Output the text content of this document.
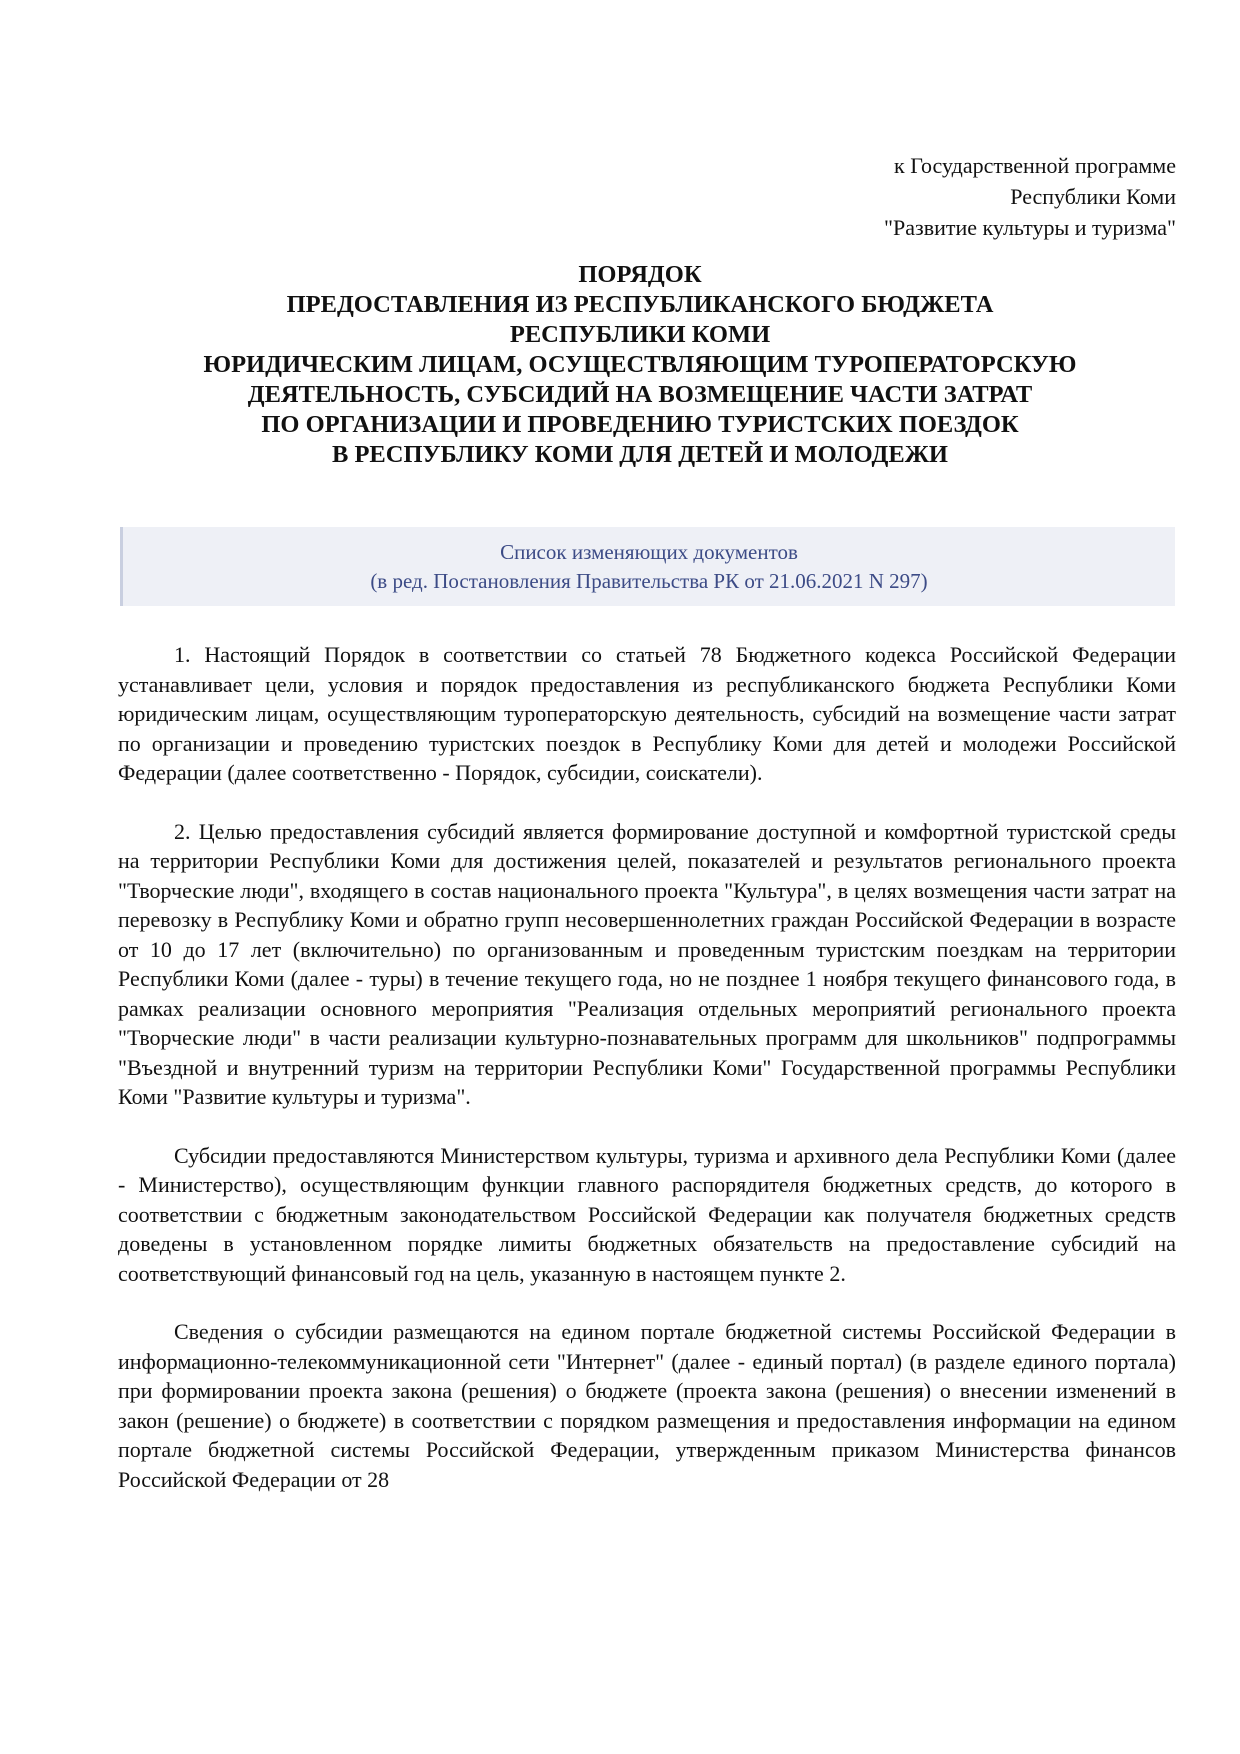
к Государственной программе
Республики Коми
"Развитие культуры и туризма"
ПОРЯДОК
ПРЕДОСТАВЛЕНИЯ ИЗ РЕСПУБЛИКАНСКОГО БЮДЖЕТА
РЕСПУБЛИКИ КОМИ
ЮРИДИЧЕСКИМ ЛИЦАМ, ОСУЩЕСТВЛЯЮЩИМ ТУРОПЕРАТОРСКУЮ
ДЕЯТЕЛЬНОСТЬ, СУБСИДИЙ НА ВОЗМЕЩЕНИЕ ЧАСТИ ЗАТРАТ
ПО ОРГАНИЗАЦИИ И ПРОВЕДЕНИЮ ТУРИСТСКИХ ПОЕЗДОК
В РЕСПУБЛИКУ КОМИ ДЛЯ ДЕТЕЙ И МОЛОДЕЖИ
Список изменяющих документов
(в ред. Постановления Правительства РК от 21.06.2021 N 297)

1. Настоящий Порядок в соответствии со статьей 78 Бюджетного кодекса Российской Федерации устанавливает цели, условия и порядок предоставления из республиканского бюджета Республики Коми юридическим лицам, осуществляющим туроператорскую деятельность, субсидий на возмещение части затрат по организации и проведению туристских поездок в Республику Коми для детей и молодежи Российской Федерации (далее соответственно - Порядок, субсидии, соискатели).

2. Целью предоставления субсидий является формирование доступной и комфортной туристской среды на территории Республики Коми для достижения целей, показателей и результатов регионального проекта "Творческие люди", входящего в состав национального проекта "Культура", в целях возмещения части затрат на перевозку в Республику Коми и обратно групп несовершеннолетних граждан Российской Федерации в возрасте от 10 до 17 лет (включительно) по организованным и проведенным туристским поездкам на территории Республики Коми (далее - туры) в течение текущего года, но не позднее 1 ноября текущего финансового года, в рамках реализации основного мероприятия "Реализация отдельных мероприятий регионального проекта "Творческие люди" в части реализации культурно-познавательных программ для школьников" подпрограммы "Въездной и внутренний туризм на территории Республики Коми" Государственной программы Республики Коми "Развитие культуры и туризма".

Субсидии предоставляются Министерством культуры, туризма и архивного дела Республики Коми (далее - Министерство), осуществляющим функции главного распорядителя бюджетных средств, до которого в соответствии с бюджетным законодательством Российской Федерации как получателя бюджетных средств доведены в установленном порядке лимиты бюджетных обязательств на предоставление субсидий на соответствующий финансовый год на цель, указанную в настоящем пункте 2.

Сведения о субсидии размещаются на едином портале бюджетной системы Российской Федерации в информационно-телекоммуникационной сети "Интернет" (далее - единый портал) (в разделе единого портала) при формировании проекта закона (решения) о бюджете (проекта закона (решения) о внесении изменений в закон (решение) о бюджете) в соответствии с порядком размещения и предоставления информации на едином портале бюджетной системы Российской Федерации, утвержденным приказом Министерства финансов Российской Федерации от 28
